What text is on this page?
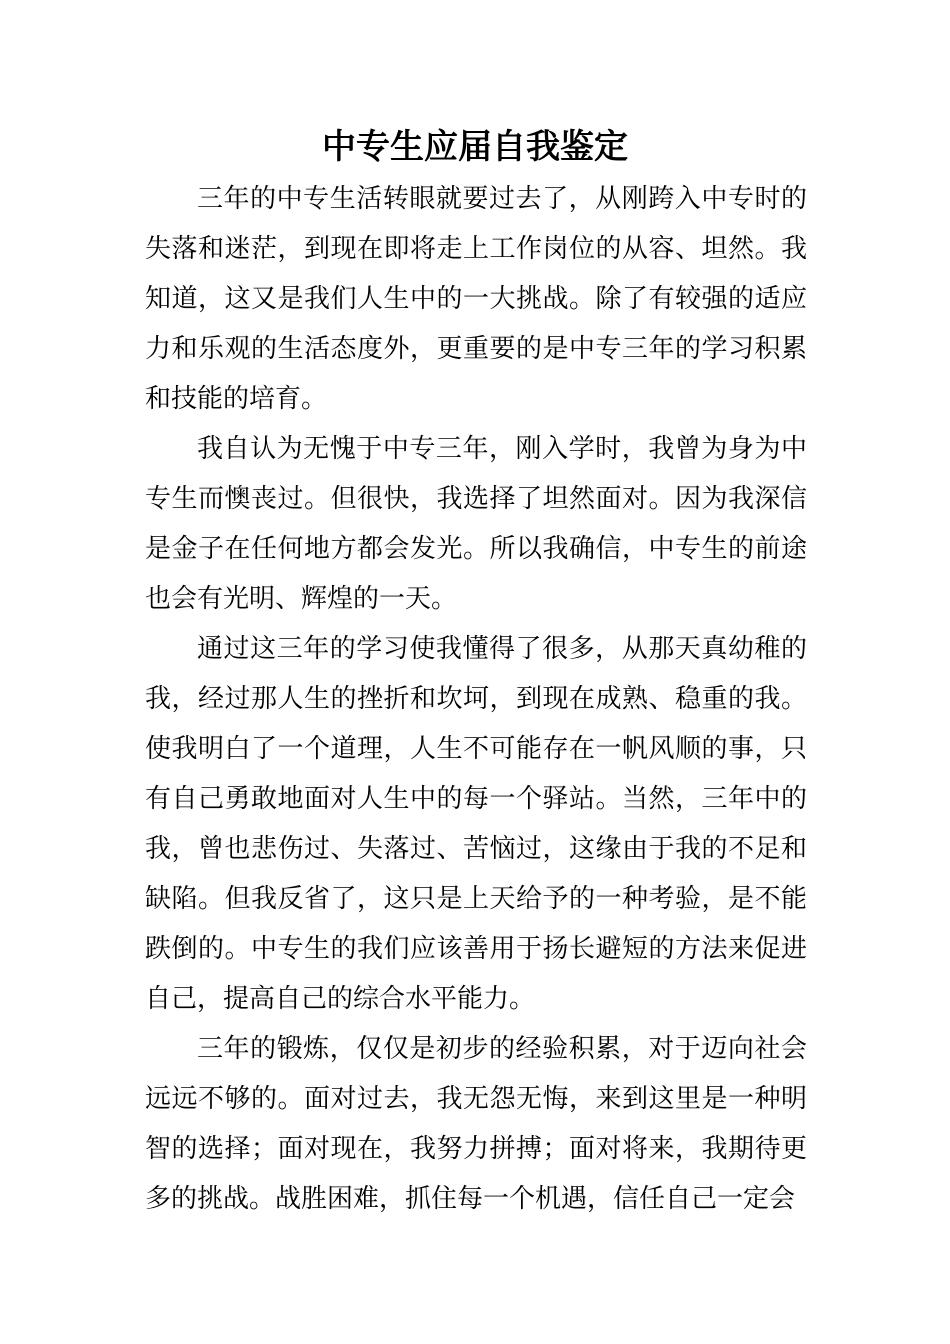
中专生应届自我鉴定

三年的中专生活转眼就要过去了，从刚跨入中专时的失落和迷茫，到现在即将走上工作岗位的从容、坦然。我知道，这又是我们人生中的一大挑战。除了有较强的适应力和乐观的生活态度外，更重要的是中专三年的学习积累和技能的培育。

我自认为无愧于中专三年，刚入学时，我曾为身为中专生而懊丧过。但很快，我选择了坦然面对。因为我深信是金子在任何地方都会发光。所以我确信，中专生的前途也会有光明、辉煌的一天。

通过这三年的学习使我懂得了很多，从那天真幼稚的我，经过那人生的挫折和坎坷，到现在成熟、稳重的我。使我明白了一个道理，人生不可能存在一帆风顺的事，只有自己勇敢地面对人生中的每一个驿站。当然，三年中的我，曾也悲伤过、失落过、苦恼过，这缘由于我的不足和缺陷。但我反省了，这只是上天给予的一种考验，是不能跌倒的。中专生的我们应该善用于扬长避短的方法来促进自己，提高自己的综合水平能力。

三年的锻炼，仅仅是初步的经验积累，对于迈向社会远远不够的。面对过去，我无怨无悔，来到这里是一种明智的选择；面对现在，我努力拼搏；面对将来，我期待更多的挑战。战胜困难，抓住每一个机遇，信任自己一定会
